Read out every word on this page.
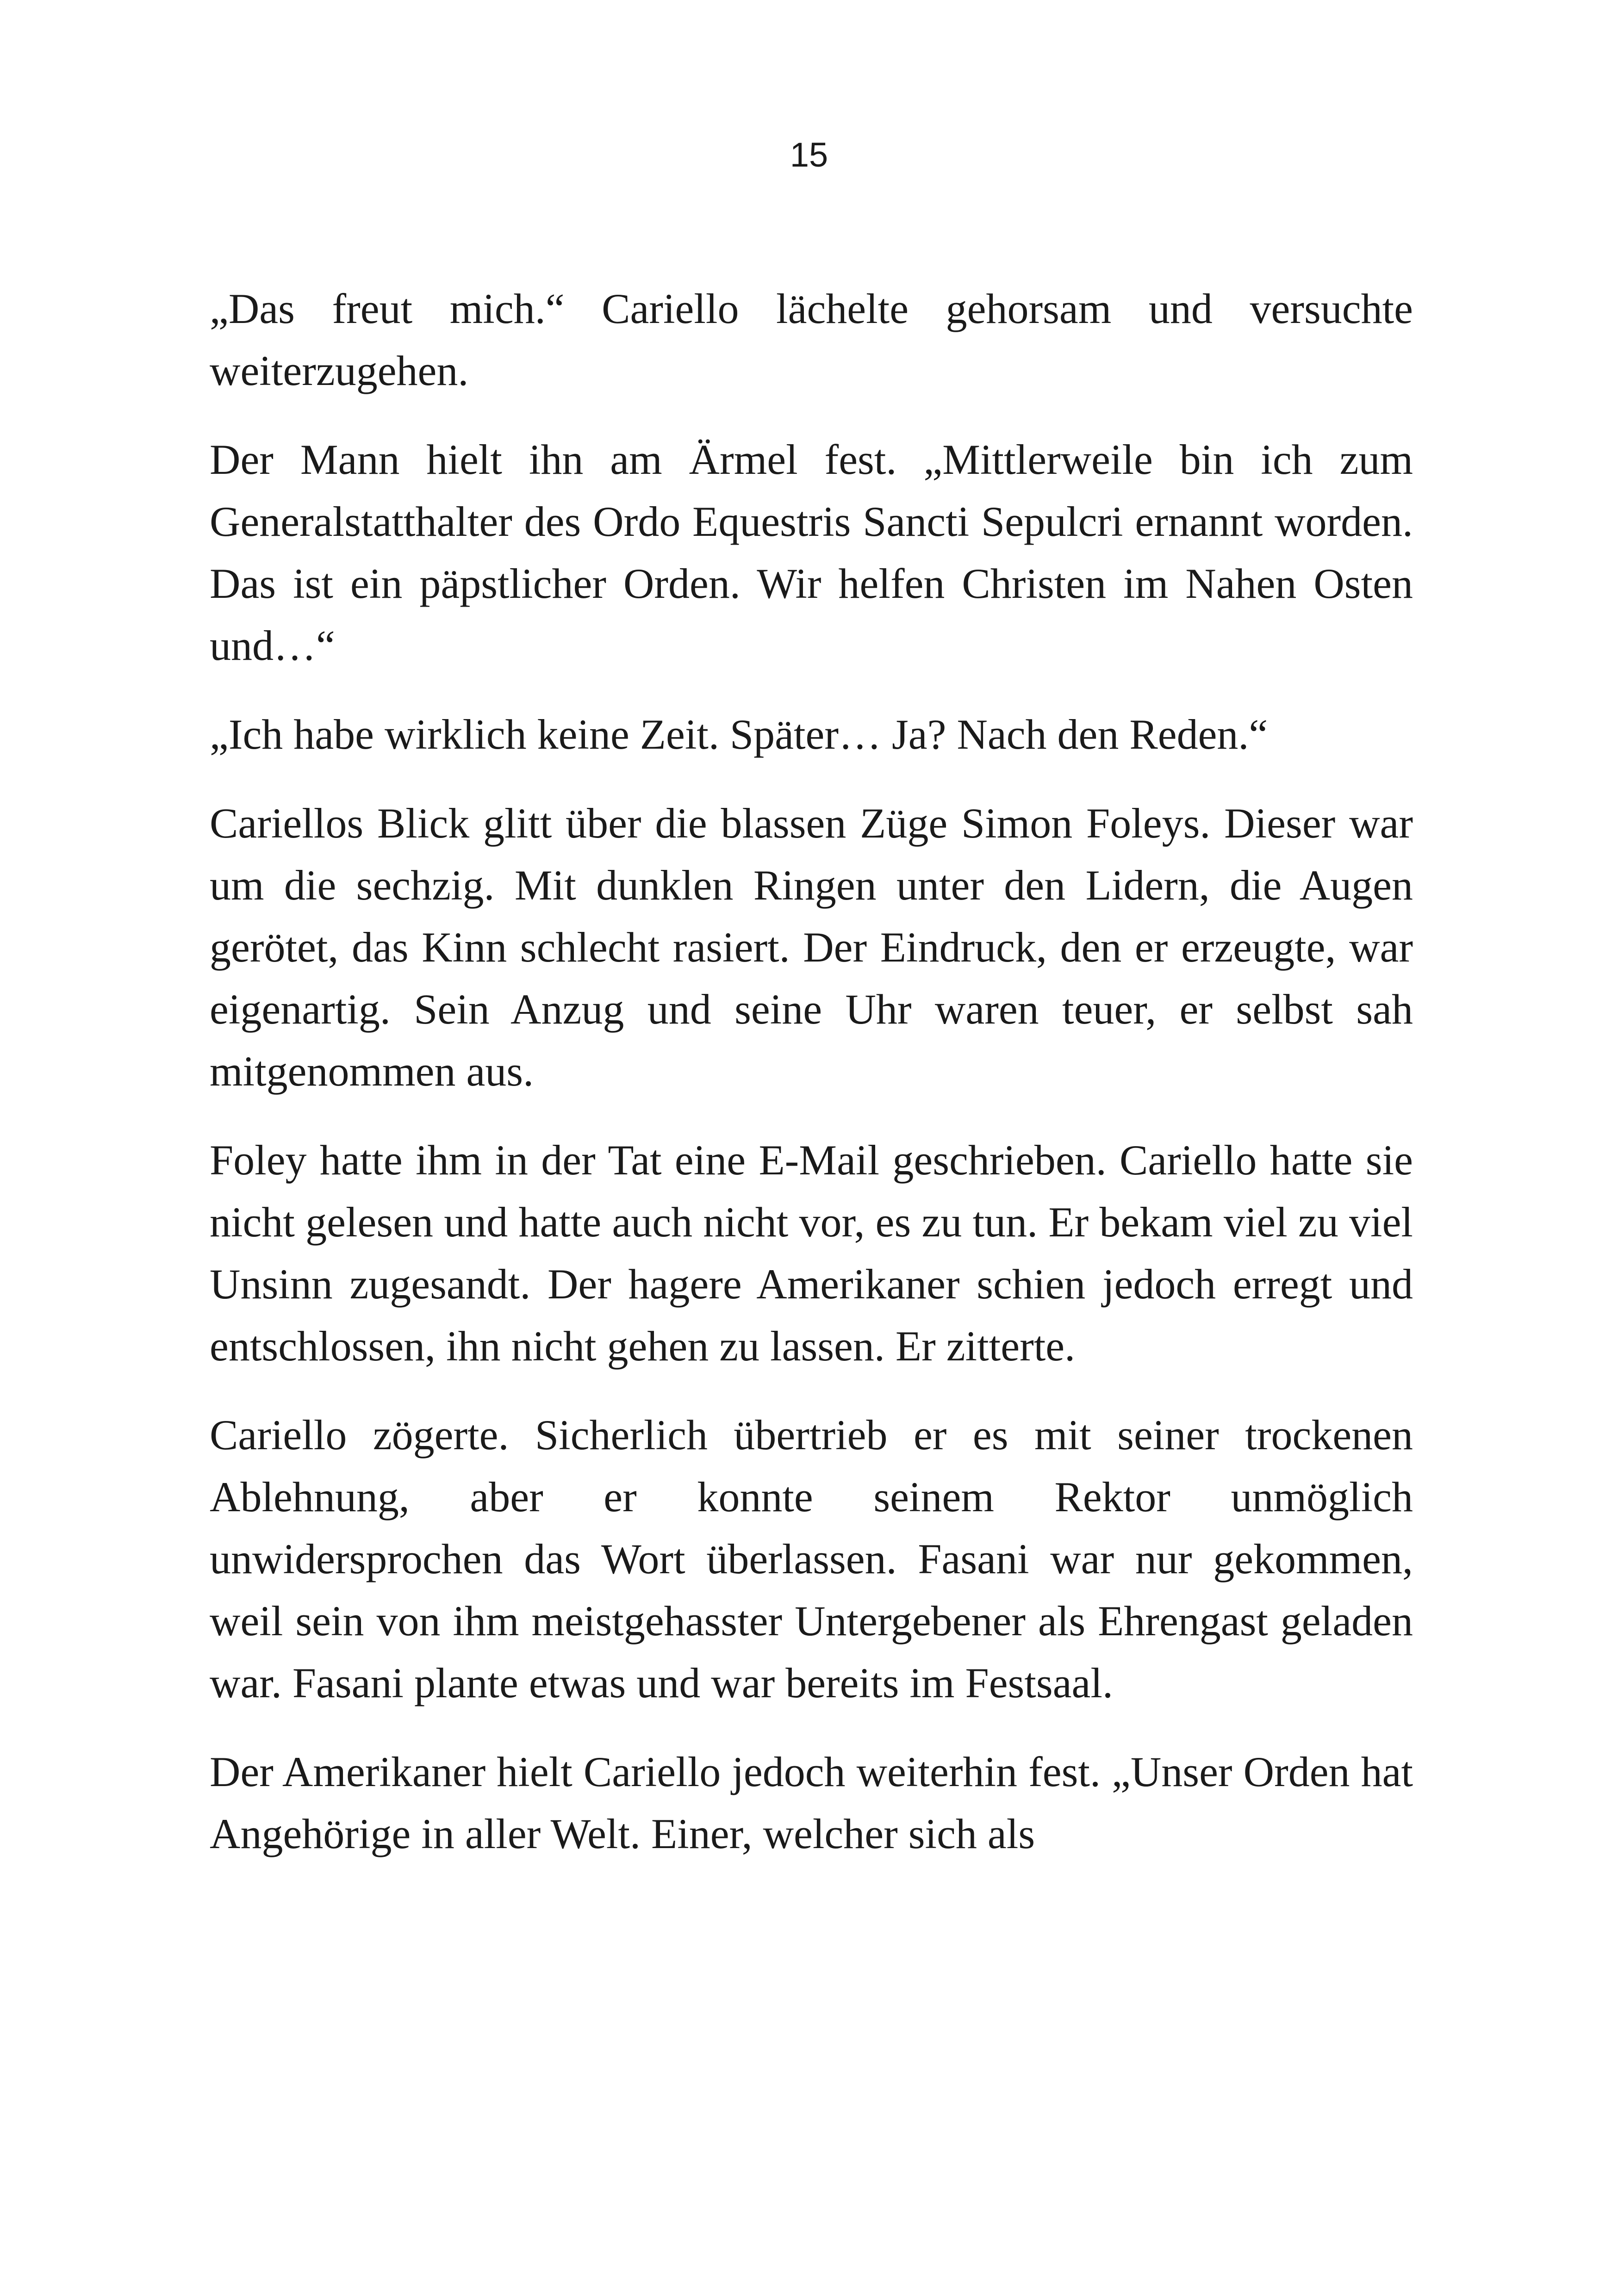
15

„Das freut mich.“ Cariello lächelte gehorsam und versuchte weiterzugehen.

Der Mann hielt ihn am Ärmel fest. „Mittlerweile bin ich zum Generalstatthalter des Ordo Equestris Sancti Sepulcri ernannt worden. Das ist ein päpstlicher Orden. Wir helfen Christen im Nahen Osten und…“

„Ich habe wirklich keine Zeit. Später… Ja? Nach den Reden.“

Cariellos Blick glitt über die blassen Züge Simon Foleys. Dieser war um die sechzig. Mit dunklen Ringen unter den Lidern, die Augen gerötet, das Kinn schlecht rasiert. Der Eindruck, den er erzeugte, war eigenartig. Sein Anzug und seine Uhr waren teuer, er selbst sah mitgenommen aus.

Foley hatte ihm in der Tat eine E-Mail geschrieben. Cariello hatte sie nicht gelesen und hatte auch nicht vor, es zu tun. Er bekam viel zu viel Unsinn zugesandt. Der hagere Amerikaner schien jedoch erregt und entschlossen, ihn nicht gehen zu lassen. Er zitterte.

Cariello zögerte. Sicherlich übertrieb er es mit seiner trockenen Ablehnung, aber er konnte seinem Rektor unmöglich unwidersprochen das Wort überlassen. Fasani war nur gekommen, weil sein von ihm meistgehasster Untergebener als Ehrengast geladen war. Fasani plante etwas und war bereits im Festsaal.

Der Amerikaner hielt Cariello jedoch weiterhin fest. „Unser Orden hat Angehörige in aller Welt. Einer, welcher sich als
